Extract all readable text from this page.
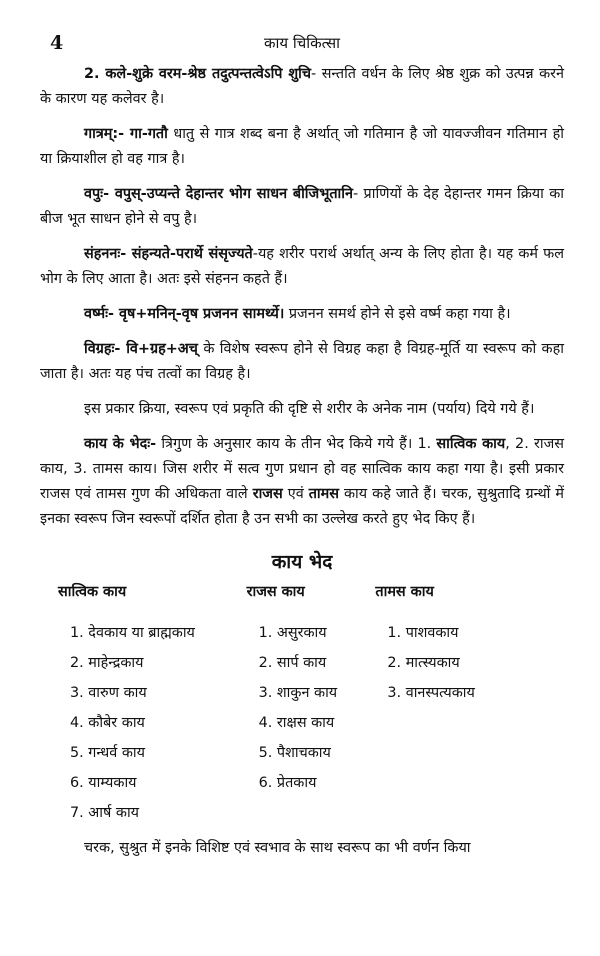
4	काय चिकित्सा

2. कले-शुक्रे वरम-श्रेष्ठ तदुत्पन्तत्वेऽपि शुचि- सन्तति वर्धन के लिए श्रेष्ठ शुक्र को उत्पन्न करने के कारण यह कलेवर है।

गात्रम्:- गा-गतौ धातु से गात्र शब्द बना है अर्थात् जो गतिमान है जो यावज्जीवन गतिमान हो या क्रियाशील हो वह गात्र है।

वपुः- वपुस्-उप्यन्ते देहान्तर भोग साधन बीजिभूतानि- प्राणियों के देह देहान्तर गमन क्रिया का बीज भूत साधन होने से वपु है।

संहननः- संहन्यते-परार्थे संसृज्यते-यह शरीर परार्थ अर्थात् अन्य के लिए होता है। यह कर्म फल भोग के लिए आता है। अतः इसे संहनन कहते हैं।

वर्ष्मः- वृष+मनिन्-वृष प्रजनन सामर्थ्ये। प्रजनन समर्थ होने से इसे वर्ष्म कहा गया है।

विग्रहः- वि+ग्रह+अच् के विशेष स्वरूप होने से विग्रह कहा है विग्रह-मूर्ति या स्वरूप को कहा जाता है। अतः यह पंच तत्वों का विग्रह है।

इस प्रकार क्रिया, स्वरूप एवं प्रकृति की दृष्टि से शरीर के अनेक नाम (पर्याय) दिये गये हैं।

काय के भेदः- त्रिगुण के अनुसार काय के तीन भेद किये गये हैं। 1. सात्विक काय, 2. राजस काय, 3. तामस काय। जिस शरीर में सत्व गुण प्रधान हो वह सात्विक काय कहा गया है। इसी प्रकार राजस एवं तामस गुण की अधिकता वाले राजस एवं तामस काय कहे जाते हैं। चरक, सुश्रुतादि ग्रन्थों में इनका स्वरूप जिन स्वरूपों दर्शित होता है उन सभी का उल्लेख करते हुए भेद किए हैं।

काय भेद
सात्विक काय
1. देवकाय या ब्राह्मकाय
2. माहेन्द्रकाय
3. वारुण काय
4. कौबेर काय
5. गन्धर्व काय
6. याम्यकाय
7. आर्ष काय
राजस काय
1. असुरकाय
2. सार्प काय
3. शाकुन काय
4. राक्षस काय
5. पैशाचकाय
6. प्रेतकाय
तामस काय
1. पाशवकाय
2. मात्स्यकाय
3. वानस्पत्यकाय
चरक, सुश्रुत में इनके विशिष्ट एवं स्वभाव के साथ स्वरूप का भी वर्णन किया
